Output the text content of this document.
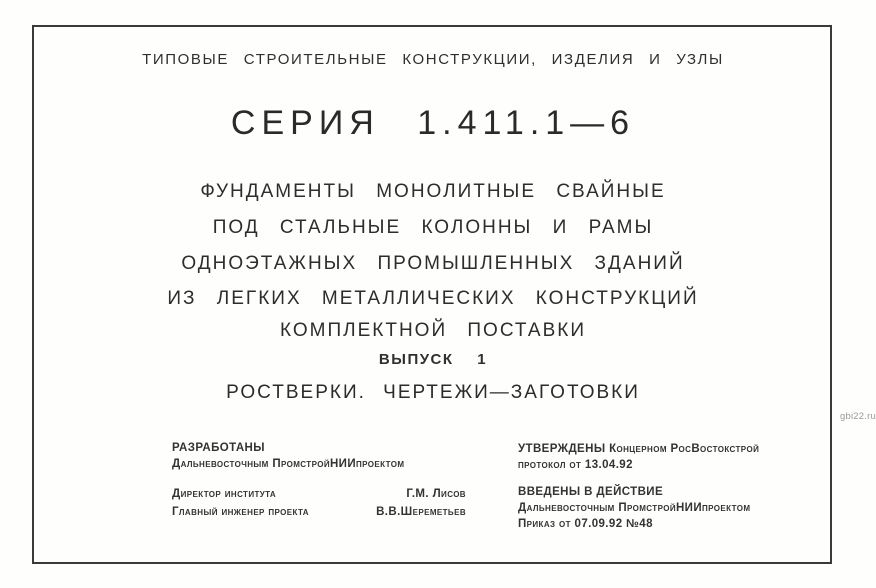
ТИПОВЫЕ СТРОИТЕЛЬНЫЕ КОНСТРУКЦИИ, ИЗДЕЛИЯ И УЗЛЫ
СЕРИЯ 1.411.1—6
ФУНДАМЕНТЫ МОНОЛИТНЫЕ СВАЙНЫЕ
ПОД СТАЛЬНЫЕ КОЛОННЫ И РАМЫ
ОДНОЭТАЖНЫХ ПРОМЫШЛЕННЫХ ЗДАНИЙ
ИЗ ЛЕГКИХ МЕТАЛЛИЧЕСКИХ КОНСТРУКЦИЙ
КОМПЛЕКТНОЙ ПОСТАВКИ
ВЫПУСК 1
РОСТВЕРКИ. ЧЕРТЕЖИ—ЗАГОТОВКИ
РАЗРАБОТАНЫ
Дальневосточным ПромстройНИИпроектом
Директор института	Г.М. Лисов
Главный инженер проекта	В.В.Шереметьев
УТВЕРЖДЕНЫ Концерном РосВостокстрой
протокол от 13.04.92
ВВЕДЕНЫ В ДЕЙСТВИЕ
Дальневосточным ПромстройНИИпроектом
Приказ от 07.09.92 №48
gbi22.ru
